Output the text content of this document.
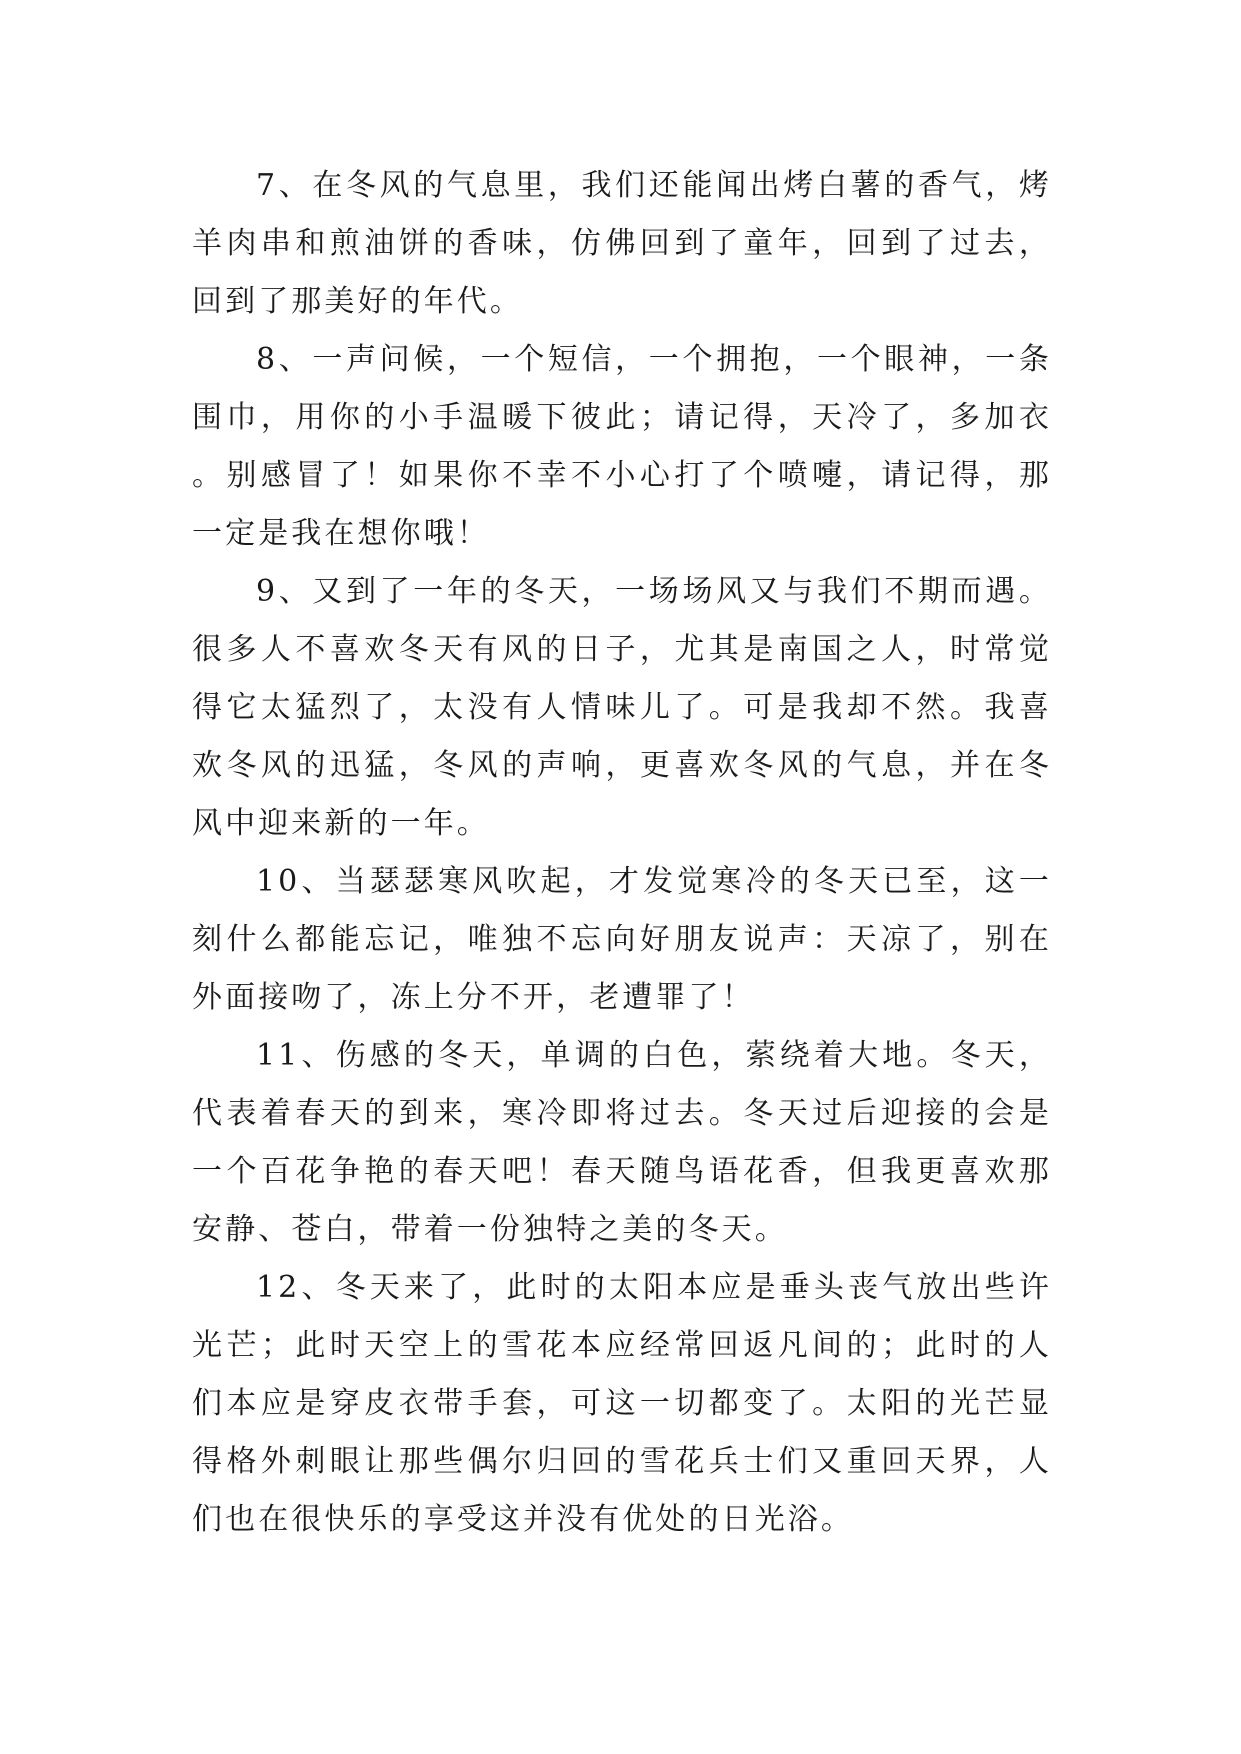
7、在冬风的气息里，我们还能闻出烤白薯的香气，烤羊肉串和煎油饼的香味，仿佛回到了童年，回到了过去，回到了那美好的年代。

8、一声问候，一个短信，一个拥抱，一个眼神，一条围巾，用你的小手温暖下彼此；请记得，天冷了，多加衣。别感冒了！如果你不幸不小心打了个喷嚏，请记得，那一定是我在想你哦！

9、又到了一年的冬天，一场场风又与我们不期而遇。很多人不喜欢冬天有风的日子，尤其是南国之人，时常觉得它太猛烈了，太没有人情味儿了。可是我却不然。我喜欢冬风的迅猛，冬风的声响，更喜欢冬风的气息，并在冬风中迎来新的一年。

10、当瑟瑟寒风吹起，才发觉寒冷的冬天已至，这一刻什么都能忘记，唯独不忘向好朋友说声：天凉了，别在外面接吻了，冻上分不开，老遭罪了！

11、伤感的冬天，单调的白色，萦绕着大地。冬天，代表着春天的到来，寒冷即将过去。冬天过后迎接的会是一个百花争艳的春天吧！春天随鸟语花香，但我更喜欢那安静、苍白，带着一份独特之美的冬天。

12、冬天来了，此时的太阳本应是垂头丧气放出些许光芒；此时天空上的雪花本应经常回返凡间的；此时的人们本应是穿皮衣带手套，可这一切都变了。太阳的光芒显得格外刺眼让那些偶尔归回的雪花兵士们又重回天界，人们也在很快乐的享受这并没有优处的日光浴。
